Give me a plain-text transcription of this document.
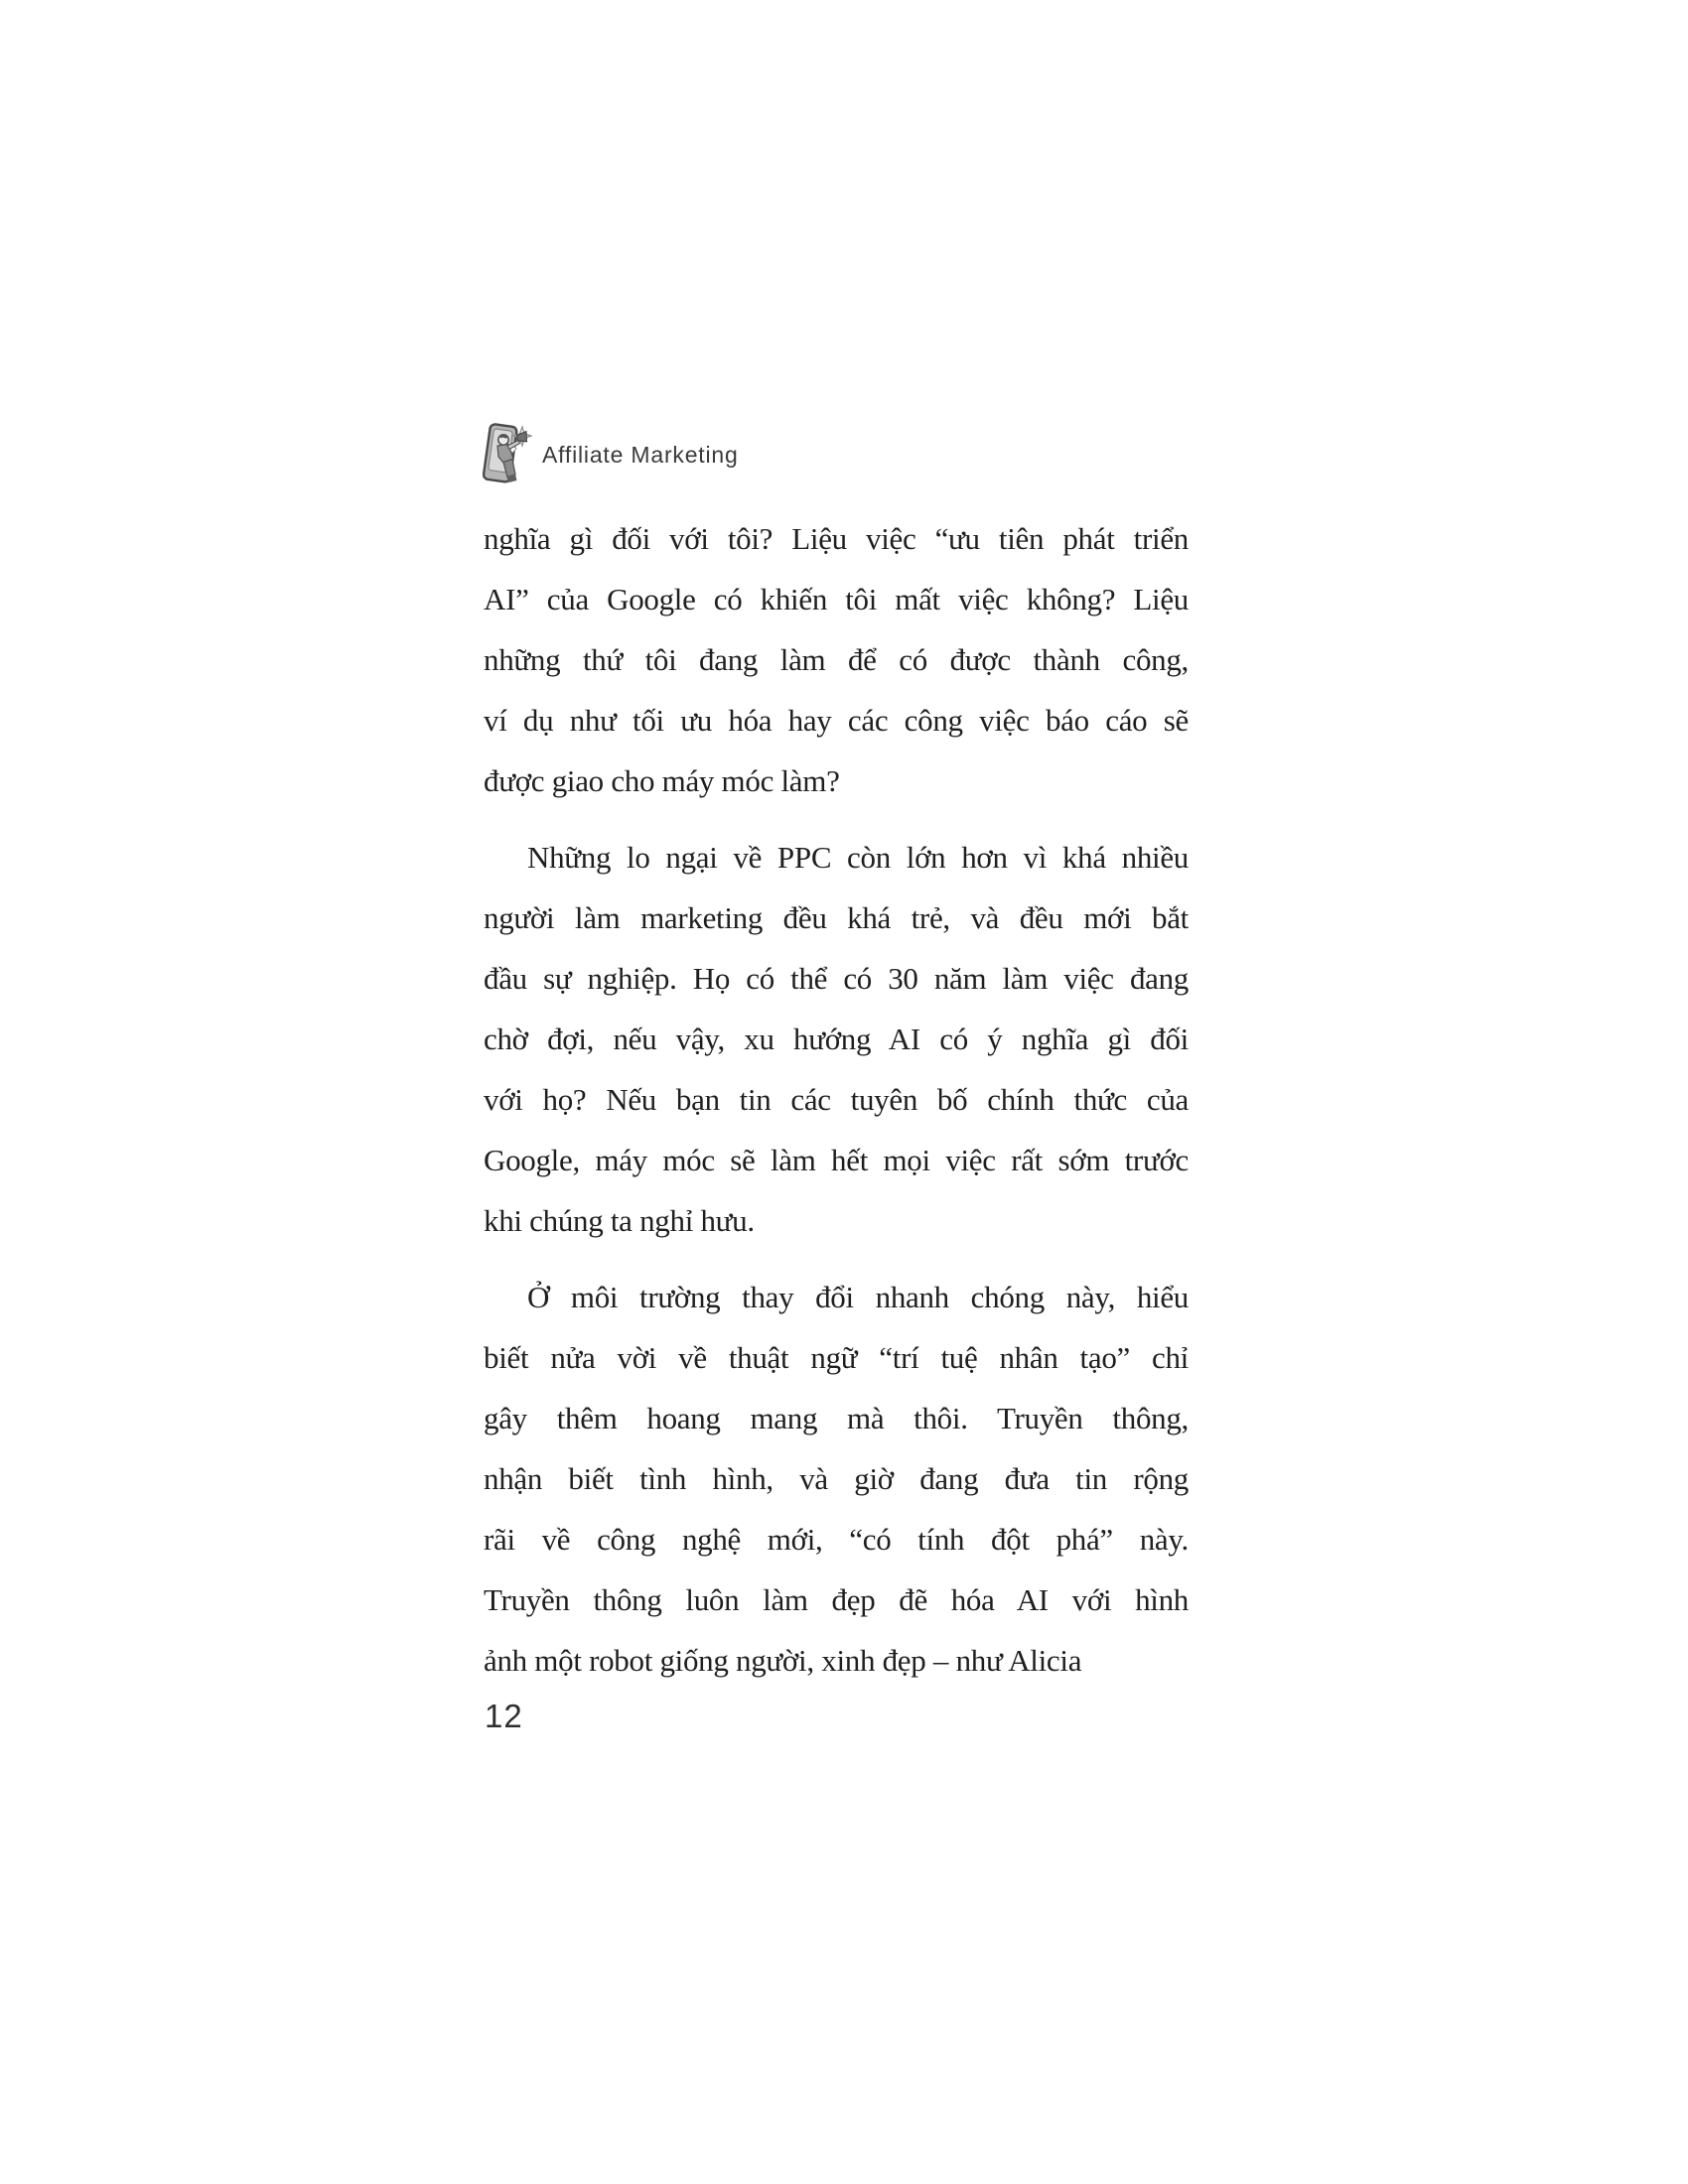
Affiliate Marketing
nghĩa gì đối với tôi? Liệu việc “ưu tiên phát triển
AI” của Google có khiến tôi mất việc không? Liệu
những thứ tôi đang làm để có được thành công,
ví dụ như tối ưu hóa hay các công việc báo cáo sẽ
được giao cho máy móc làm?
Những lo ngại về PPC còn lớn hơn vì khá nhiều
người làm marketing đều khá trẻ, và đều mới bắt
đầu sự nghiệp. Họ có thể có 30 năm làm việc đang
chờ đợi, nếu vậy, xu hướng AI có ý nghĩa gì đối
với họ? Nếu bạn tin các tuyên bố chính thức của
Google, máy móc sẽ làm hết mọi việc rất sớm trước
khi chúng ta nghỉ hưu.
Ở môi trường thay đổi nhanh chóng này, hiểu
biết nửa vời về thuật ngữ “trí tuệ nhân tạo” chỉ
gây thêm hoang mang mà thôi. Truyền thông,
nhận biết tình hình, và giờ đang đưa tin rộng
rãi về công nghệ mới, “có tính đột phá” này.
Truyền thông luôn làm đẹp đẽ hóa AI với hình
ảnh một robot giống người, xinh đẹp – như Alicia
12
